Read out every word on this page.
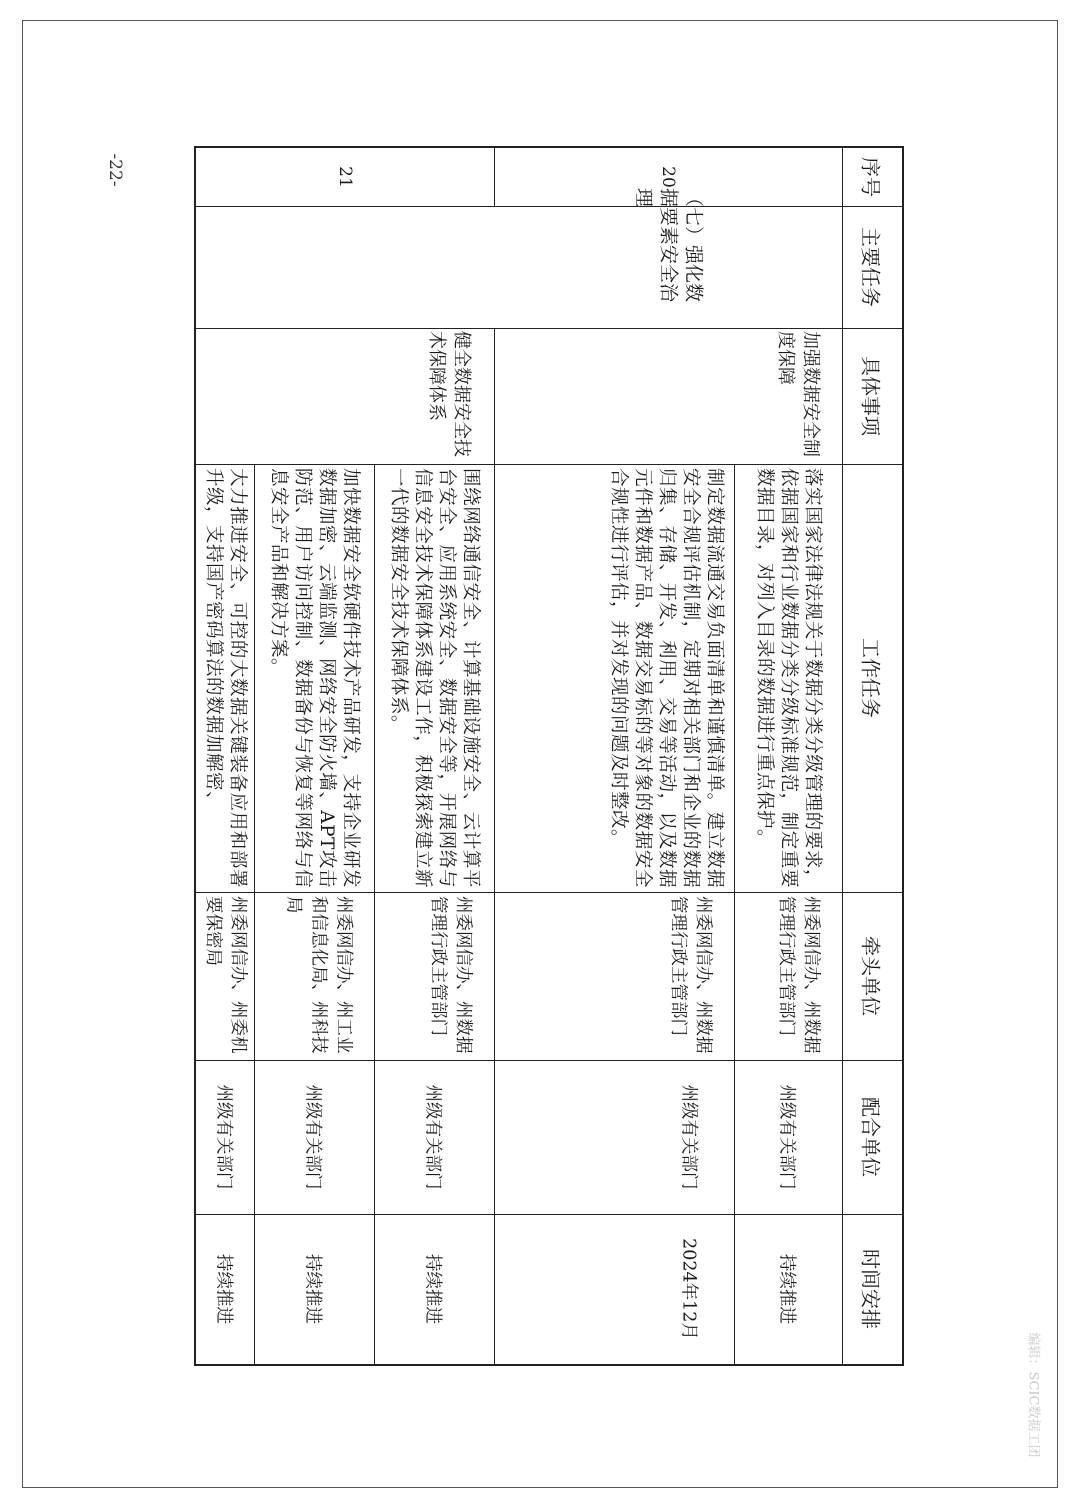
-22-
编辑：SCIC数据工团
序号
主要任务
具体事项
工作任务
牵头单位
配合单位
时间安排
20
（七）强化数据要素安全治理
加强数据安全制度保障
落实国家法律法规关于数据分类分级管理的要求，依据国家和行业数据分类分级标准规范，制定重要数据目录，对列入目录的数据进行重点保护。
州委网信办、州数据管理行政主管部门
州级有关部门
持续推进
制定数据流通交易负面清单和谨慎清单。建立数据安全合规评估机制，定期对相关部门和企业的数据归集、存储、开发、利用、交易等活动，以及数据元件和数据产品、数据交易标的等对象的数据安全合规性进行评估，并对发现的问题及时整改。
州委网信办、州数据管理行政主管部门
州级有关部门
2024年12月
21
健全数据安全技术保障体系
围绕网络通信安全、计算基础设施安全、云计算平台安全、应用系统安全、数据安全等，开展网络与信息安全技术保障体系建设工作，积极探索建立新一代的数据安全技术保障体系。
州委网信办、州数据管理行政主管部门
州级有关部门
持续推进
加快数据安全软硬件技术产品研发，支持企业研发数据加密、云端监测、网络安全防火墙、APT攻击防范、用户访问控制、数据备份与恢复等网络与信息安全产品和解决方案。
州委网信办、州工业和信息化局、州科技局
州级有关部门
持续推进
大力推进安全、可控的大数据关键装备应用和部署升级，支持国产密码算法的数据加解密、
州委网信办、州委机要保密局
州级有关部门
持续推进
